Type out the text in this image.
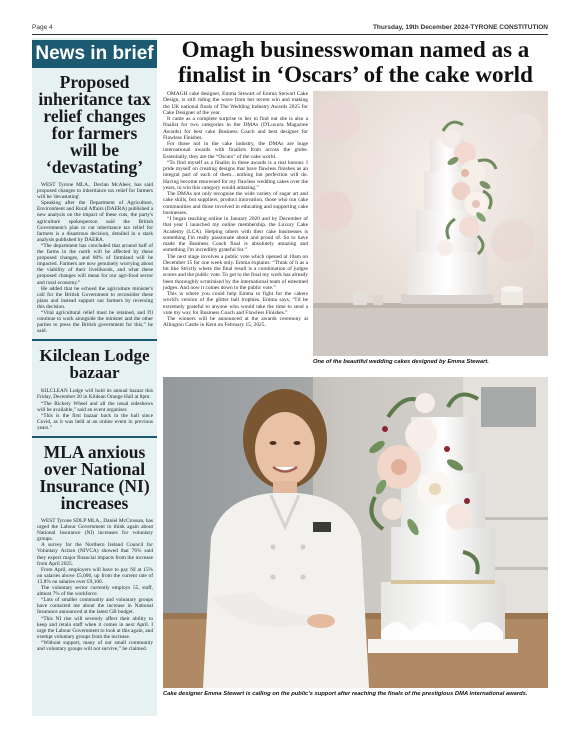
Page 4	Thursday, 19th December 2024-TYRONE CONSTITUTION
News in brief
Proposed inheritance tax relief changes for farmers will be ‘devastating’

WEST Tyrone MLA., Declan McAleer, has said proposed changes to inheritance tax relief for farmers will be 'devastating'.

Speaking after the Department of Agriculture, Environment and Rural Affairs (DAERA) published a new analysis on the impact of these cuts, the party's agriculture spokesperson said the British Government's plan to cut inheritance tax relief for farmers is a disastrous decision, detailed in a stark analysis published by DAERA.

“The department has concluded that around half of the farms in the north will be affected by these proposed changes, and 80% of farmland will be impacted. Farmers are now genuinely worrying about the viability of their livelihoods, and what these proposed changes will mean for our agri-food sector and rural economy.”

He added that he echoed the agriculture minister's call for the British Government to reconsider these plans and instead support our farmers by reversing this decision.

“Vital agricultural relief must be retained, and I'll continue to work alongside the minister and the other parties to press the British government for this,” he said.

Kilclean Lodge bazaar

KILCLEAN Lodge will hold its annual bazaar this Friday, December 20 in Kildean Orange Hall at 8pm.

“The Rickety Wheel and all the usual sideshows will be available,” said an event organiser.

“This is the first bazaar back in the hall since Covid, as it was held at an online event in previous years.”

MLA anxious over National Insurance (NI) increases

WEST Tyrone SDLP MLA., Daniel McCrossan, has urged the Labour Government to think again about National Insurance (NI) increases for voluntary groups.

A survey for the Northern Ireland Council for Voluntary Action (NIVCA) showed that 76% said they expect major financial impacts from the increase from April 2025.

From April, employers will have to pay NI at 15% on salaries above £5,000, up from the current rate of 13.8% on salaries over £9,100.

The voluntary sector currently employs 55, staff, almost 7% of the workforce.

“Lots of smaller community and voluntary groups have contacted me about the increase in National Insurance announced at the latest GB budget.

“This NI rise will severely affect their ability to keep and retain staff when it comes in next April. I urge the Labour Government to look at this again, and exempt voluntary groups from the increase.

“Without support, many of our small community and voluntary groups will not survive,” he claimed.

Omagh businesswoman named as a finalist in ‘Oscars’ of the cake world

OMAGH cake designer, Emma Stewart of Emma Stewart Cake Design, is still riding the wave from her recent win and making the UK national finals of The Wedding Industry Awards 2025 for Cake Designer of the year.

It came as a complete surprise to her to find out she is also a finalist for two categories in the DMAs (D'Luxura Magazine Awards) for best cake Business Coach and best designer for Flawless Finishes.

For those not in the cake industry, the DMAs are huge international awards with finalists from across the globe. Essentially, they are the “Oscars” of the cake world.

“To find myself as a finalist in these awards is a real honour. I pride myself on creating designs that have flawless finishes as an integral part of each of them…nothing but perfection will do. Having become renowned for my flawless wedding cakes over the years, to win this category would amazing.”

The DMAs not only recognise the wide variety of sugar art and cake skills, but suppliers, product innovation, those who run cake communities and those involved in educating and supporting cake businesses.

“I began teaching online in January 2020 and by December of that year I launched my online membership, the Luxury Cake Academy (LCA). Helping others with their cake businesses is something I'm really passionate about and proud of. So to have made the Business Coach final is absolutely amazing and something I'm incredibly grateful for.”

The next stage involves a public vote which opened at 10am on December 15 for one week only. Emma explains: “Think of it as a bit like Strictly where the final result is a combination of judges scores and the public vote. To get to the final my work has already been thoroughly scrutinised by the international team of esteemed judges. And now it comes down to the public vote.”

This is where you could help Emma to fight for the cakers world's version of the glitter ball trophies. Emma says, “I'd be extremely grateful to anyone who would take the time to send a vote my way for Business Coach and Flawless Finishes.”

The winners will be announced at the awards ceremony at Allington Castle in Kent on February 15, 2025.

One of the beautiful wedding cakes designed by Emma Stewart.
Cake designer Emma Stewart is calling on the public's support after reaching the finals of the prestigious DMA international awards.
